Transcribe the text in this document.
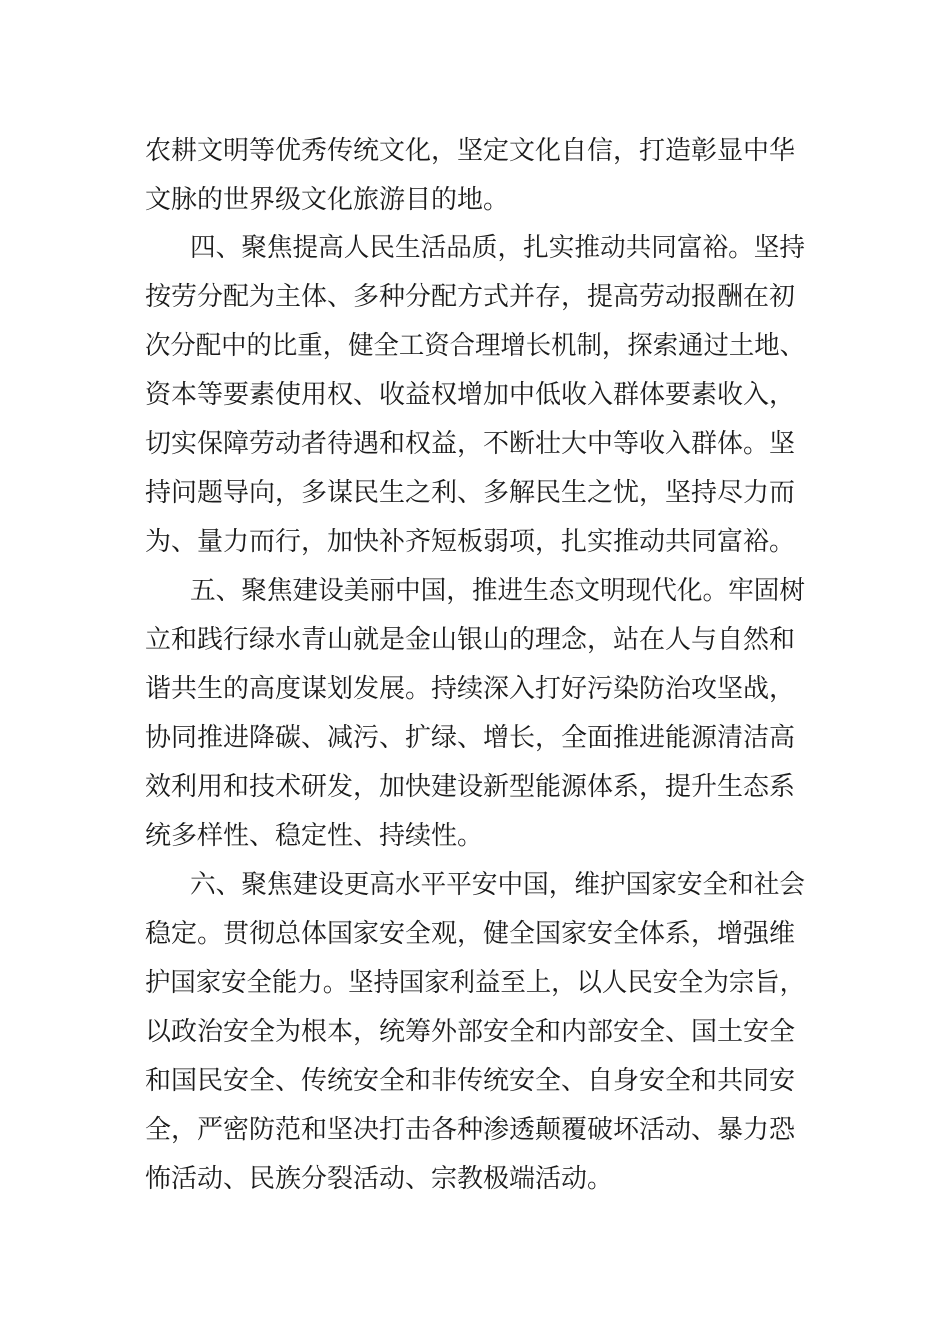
农耕文明等优秀传统文化，坚定文化自信，打造彰显中华
文脉的世界级文化旅游目的地。
四、聚焦提高人民生活品质，扎实推动共同富裕。坚持
按劳分配为主体、多种分配方式并存，提高劳动报酬在初
次分配中的比重，健全工资合理增长机制，探索通过土地、
资本等要素使用权、收益权增加中低收入群体要素收入，
切实保障劳动者待遇和权益，不断壮大中等收入群体。坚
持问题导向，多谋民生之利、多解民生之忧，坚持尽力而
为、量力而行，加快补齐短板弱项，扎实推动共同富裕。
五、聚焦建设美丽中国，推进生态文明现代化。牢固树
立和践行绿水青山就是金山银山的理念，站在人与自然和
谐共生的高度谋划发展。持续深入打好污染防治攻坚战，
协同推进降碳、减污、扩绿、增长，全面推进能源清洁高
效利用和技术研发，加快建设新型能源体系，提升生态系
统多样性、稳定性、持续性。
六、聚焦建设更高水平平安中国，维护国家安全和社会
稳定。贯彻总体国家安全观，健全国家安全体系，增强维
护国家安全能力。坚持国家利益至上，以人民安全为宗旨，
以政治安全为根本，统筹外部安全和内部安全、国土安全
和国民安全、传统安全和非传统安全、自身安全和共同安
全，严密防范和坚决打击各种渗透颠覆破坏活动、暴力恐
怖活动、民族分裂活动、宗教极端活动。
